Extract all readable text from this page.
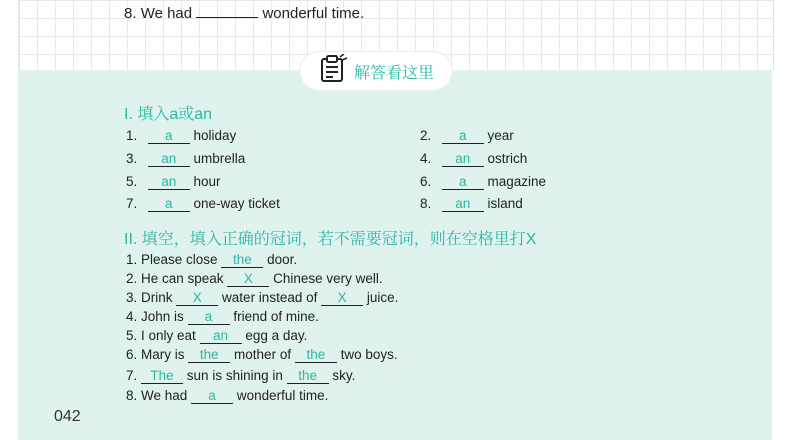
8. We had	wonderful time.
解答看这里
I. 填入a或an
1. a holiday
3. an umbrella
5. an hour
7. a one-way ticket
2. a year
4. an ostrich
6. a magazine
8. an island
II. 填空，填入正确的冠词，若不需要冠词，则在空格里打X
1. Please close the door.
2. He can speak X Chinese very well.
3. Drink X water instead of X juice.
4. John is a friend of mine.
5. I only eat an egg a day.
6. Mary is the mother of the two boys.
7. The sun is shining in the sky.
8. We had a wonderful time.
042
